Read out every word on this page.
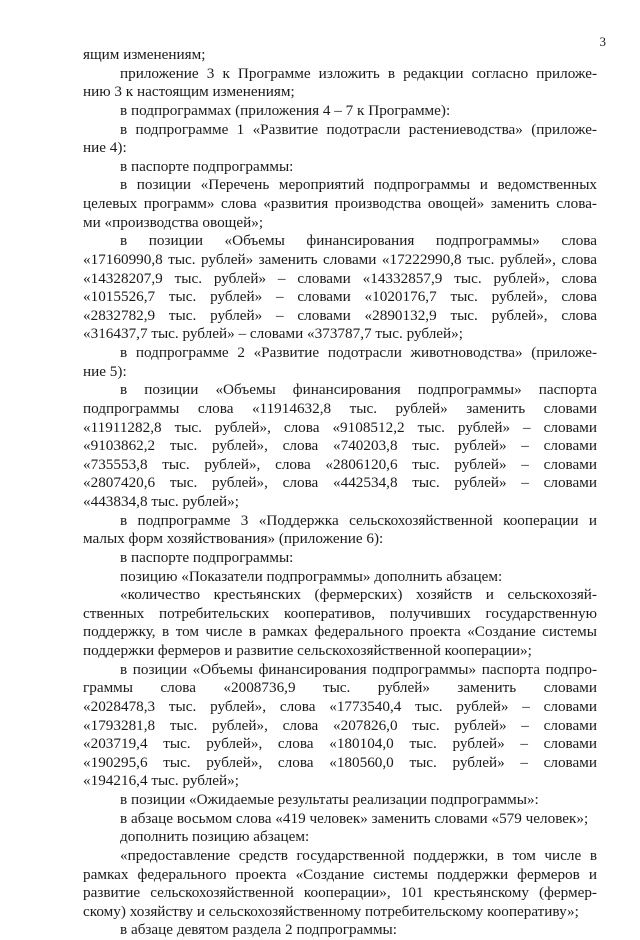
3
ящим изменениям;
приложение 3 к Программе изложить в редакции согласно приложе-
нию 3 к настоящим изменениям;
в подпрограммах (приложения 4 – 7 к Программе):
в подпрограмме 1 «Развитие подотрасли растениеводства» (приложе-
ние 4):
в паспорте подпрограммы:
в позиции «Перечень мероприятий подпрограммы и ведомственных
целевых программ» слова «развития производства овощей» заменить слова-
ми «производства овощей»;
в позиции «Объемы финансирования подпрограммы» слова
«17160990,8 тыс. рублей» заменить словами «17222990,8 тыс. рублей», слова
«14328207,9 тыс. рублей» – словами «14332857,9 тыс. рублей», слова
«1015526,7 тыс. рублей» – словами «1020176,7 тыс. рублей», слова
«2832782,9 тыс. рублей» – словами «2890132,9 тыс. рублей», слова
«316437,7 тыс. рублей» – словами «373787,7 тыс. рублей»;
в подпрограмме 2 «Развитие подотрасли животноводства» (приложе-
ние 5):
в позиции «Объемы финансирования подпрограммы» паспорта
подпрограммы слова «11914632,8 тыс. рублей» заменить словами
«11911282,8 тыс. рублей», слова «9108512,2 тыс. рублей» – словами
«9103862,2 тыс. рублей», слова «740203,8 тыс. рублей» – словами
«735553,8 тыс. рублей», слова «2806120,6 тыс. рублей» – словами
«2807420,6 тыс. рублей», слова «442534,8 тыс. рублей» – словами
«443834,8 тыс. рублей»;
в подпрограмме 3 «Поддержка сельскохозяйственной кооперации и
малых форм хозяйствования» (приложение 6):
в паспорте подпрограммы:
позицию «Показатели подпрограммы» дополнить абзацем:
«количество крестьянских (фермерских) хозяйств и сельскохозяй-
ственных потребительских кооперативов, получивших государственную
поддержку, в том числе в рамках федерального проекта «Создание системы
поддержки фермеров и развитие сельскохозяйственной кооперации»;
в позиции «Объемы финансирования подпрограммы» паспорта подпро-
граммы слова «2008736,9 тыс. рублей» заменить словами
«2028478,3 тыс. рублей», слова «1773540,4 тыс. рублей» – словами
«1793281,8 тыс. рублей», слова «207826,0 тыс. рублей» – словами
«203719,4 тыс. рублей», слова «180104,0 тыс. рублей» – словами
«190295,6 тыс. рублей», слова «180560,0 тыс. рублей» – словами
«194216,4 тыс. рублей»;
в позиции «Ожидаемые результаты реализации подпрограммы»:
в абзаце восьмом слова «419 человек» заменить словами «579 человек»;
дополнить позицию абзацем:
«предоставление средств государственной поддержки, в том числе в
рамках федерального проекта «Создание системы поддержки фермеров и
развитие сельскохозяйственной кооперации», 101 крестьянскому (фермер-
скому) хозяйству и сельскохозяйственному потребительскому кооперативу»;
в абзаце девятом раздела 2 подпрограммы:
